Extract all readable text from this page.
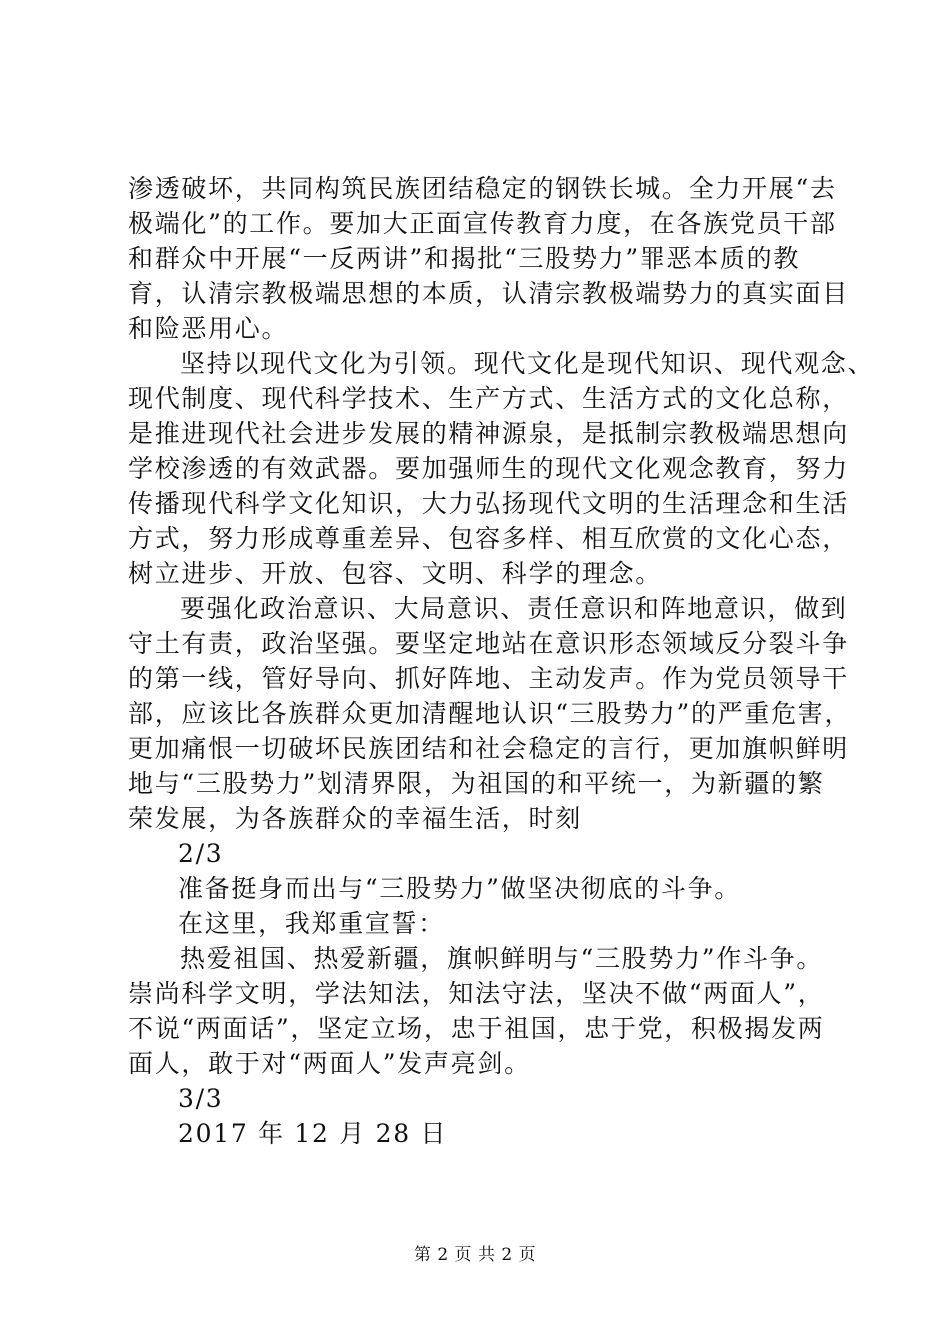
渗透破坏，共同构筑民族团结稳定的钢铁长城。全力开展“去
极端化”的工作。要加大正面宣传教育力度，在各族党员干部
和群众中开展“一反两讲”和揭批“三股势力”罪恶本质的教
育，认清宗教极端思想的本质，认清宗教极端势力的真实面目
和险恶用心。
坚持以现代文化为引领。现代文化是现代知识、现代观念、
现代制度、现代科学技术、生产方式、生活方式的文化总称，
是推进现代社会进步发展的精神源泉，是抵制宗教极端思想向
学校渗透的有效武器。要加强师生的现代文化观念教育，努力
传播现代科学文化知识，大力弘扬现代文明的生活理念和生活
方式，努力形成尊重差异、包容多样、相互欣赏的文化心态，
树立进步、开放、包容、文明、科学的理念。
要强化政治意识、大局意识、责任意识和阵地意识，做到
守土有责，政治坚强。要坚定地站在意识形态领域反分裂斗争
的第一线，管好导向、抓好阵地、主动发声。作为党员领导干
部，应该比各族群众更加清醒地认识“三股势力”的严重危害，
更加痛恨一切破坏民族团结和社会稳定的言行，更加旗帜鲜明
地与“三股势力”划清界限，为祖国的和平统一，为新疆的繁
荣发展，为各族群众的幸福生活，时刻
2/3
准备挺身而出与“三股势力”做坚决彻底的斗争。
在这里，我郑重宣誓：
热爱祖国、热爱新疆，旗帜鲜明与“三股势力”作斗争。
崇尚科学文明，学法知法，知法守法，坚决不做“两面人”，
不说“两面话”，坚定立场，忠于祖国，忠于党，积极揭发两
面人，敢于对“两面人”发声亮剑。
3/3
2017 年 12 月 28 日
第 2 页 共 2 页
